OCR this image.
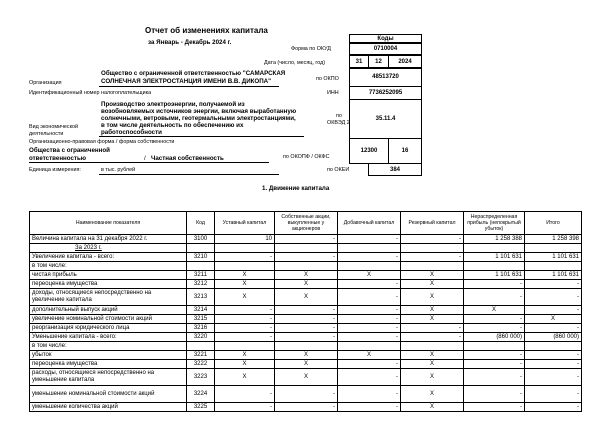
Отчет об изменениях капитала
за Январь - Декабрь 2024 г.	Коды
Форма по ОКУД	0710004
Дата (число, месяц, год)	31	12	2024
Организация
Общество с ограниченной ответственностью "САМАРСКАЯ
СОЛНЕЧНАЯ ЭЛЕКТРОСТАНЦИЯ ИМЕНИ В.В. ДИКОПА"	по ОКПО	48513720
Идентификационный номер налогоплательщика	ИНН	7736252095
Производство электроэнергии, получаемой из
возобновляемых источников энергии, включая выработанную
солнечными, ветровыми, геотермальными электростанциями,
в том числе деятельность по обеспечению их
работоспособности
Вид экономической
деятельности
по
ОКВЭД 2
35.11.4
Организационно-правовая форма / форма собственности
Общества с ограниченной
ответственностью	/ Частная собственность	по ОКОПФ / ОКФС
12300	16
Единица измерения:	в тыс. рублей	по ОКЕИ	384
1. Движение капитала
Наименование показателя	Код	Уставный капитал	Собственные акции, выкупленные у акционеров	Добавочный капитал	Резервный капитал	Нераспределенная прибыль (непокрытый убыток)	Итого
Величина капитала на 31 декабря 2022 г.	3100	10	-	-	-	1 258 388	1 258 398
За 2023 г.							
Увеличение капитала - всего:	3210	-	-	-	-	1 101 631	1 101 631
в том числе:							
чистая прибыль	3211	X	X	X	X	1 101 631	1 101 631
переоценка имущества	3212	X	X	-	X	-	-
доходы, относящиеся непосредственно на увеличение капитала	3213	X	X	-	X	-	-
дополнительный выпуск акций	3214	-	-	-	X	X	-
увеличение номинальной стоимости акций	3215	-	-	-	X	-	X
реорганизация юридического лица	3216	-	-	-	-	-	-
Уменьшение капитала - всего:	3220	-	-	-	-	(860 000)	(860 000)
в том числе:							
убыток	3221	X	X	X	X	-	-
переоценка имущества	3222	X	X	-	X	-	-
расходы, относящиеся непосредственно на уменьшение капитала	3223	X	X	-	X	-	-
уменьшение номинальной стоимости акций	3224	-	-	-	X	-	-
уменьшение количества акций	3225	-	-	-	X	-	-
